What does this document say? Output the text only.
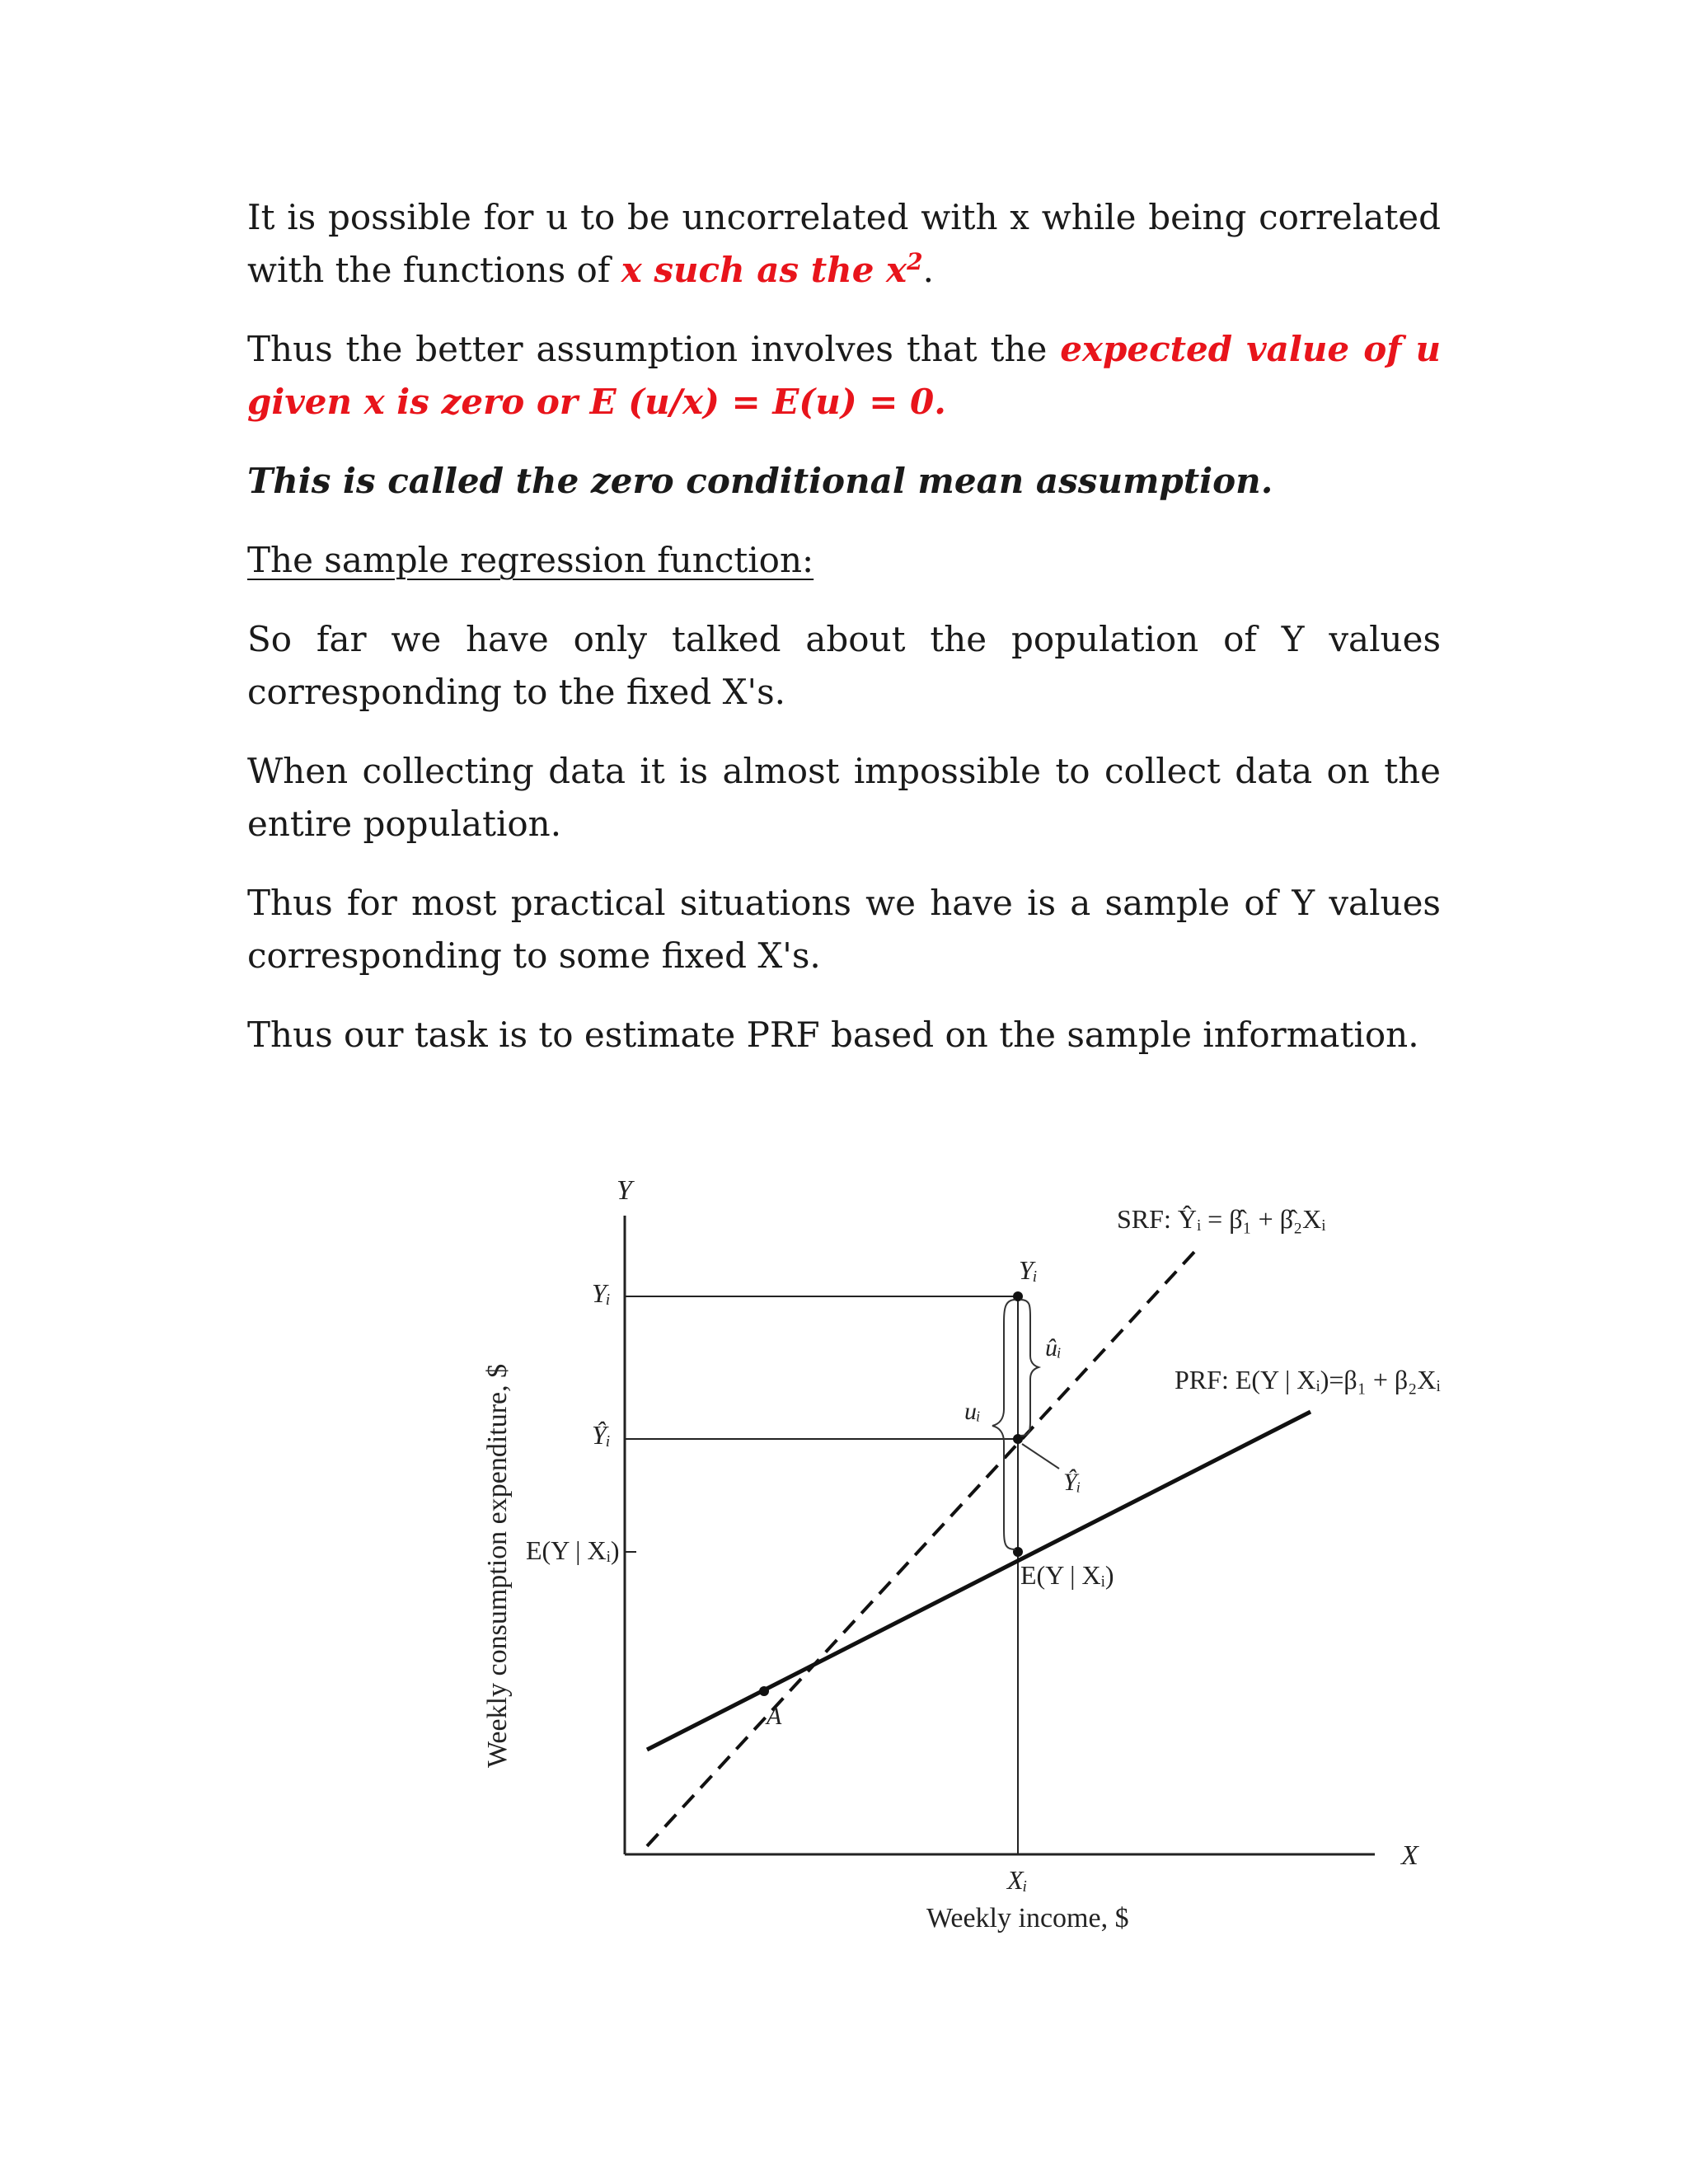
It is possible for u to be uncorrelated with x while being correlated with the functions of x such as the $x^2$.

Thus the better assumption involves that the expected value of u given x is zero or E (u/x) = E(u) = 0.

This is called the zero conditional mean assumption.

The sample regression function:

So far we have only talked about the population of Y values corresponding to the fixed X's.

When collecting data it is almost impossible to collect data on the entire population.

Thus for most practical situations we have is a sample of Y values corresponding to some fixed X's.

Thus our task is to estimate PRF based on the sample information.

Y
X
Yᵢ
Ŷᵢ
E(Y | Xᵢ)
Xᵢ
Weekly income, $
Weekly consumption expenditure, $
SRF: Ŷᵢ = β̂₁ + β̂₂Xᵢ
PRF: E(Y | Xᵢ)=β₁ + β₂Xᵢ
Yᵢ
ûᵢ
uᵢ
Ŷᵢ
E(Y | Xᵢ)
A
